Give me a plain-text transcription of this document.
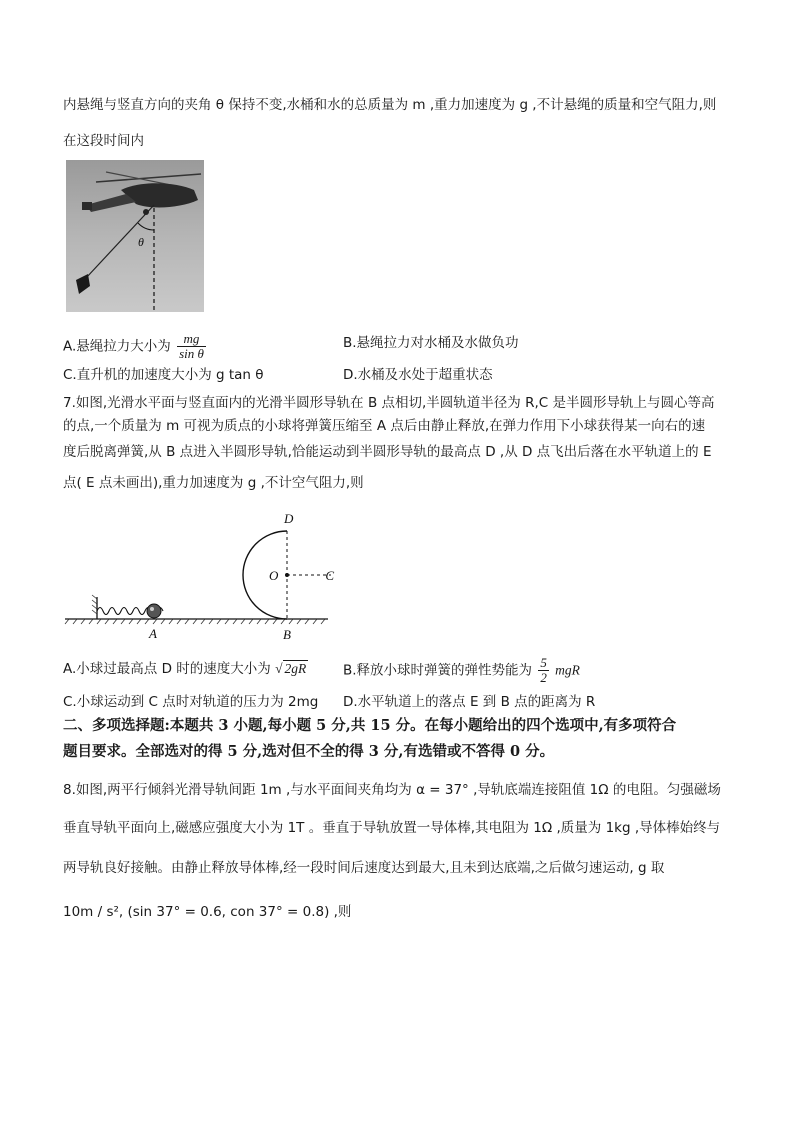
内悬绳与竖直方向的夹角 θ 保持不变,水桶和水的总质量为 m ,重力加速度为 g ,不计悬绳的质量和空气阻力,则
在这段时间内
θ
A.悬绳拉力大小为 $\frac{mg}{\text{sin θ}}$	B.悬绳拉力对水桶及水做负功
C.直升机的加速度大小为 g tan θ	D.水桶及水处于超重状态
7.如图,光滑水平面与竖直面内的光滑半圆形导轨在 B 点相切,半圆轨道半径为 R,C 是半圆形导轨上与圆心等高
的点,一个质量为 m 可视为质点的小球将弹簧压缩至 A 点后由静止释放,在弹力作用下小球获得某一向右的速
度后脱离弹簧,从 B 点进入半圆形导轨,恰能运动到半圆形导轨的最高点 D ,从 D 点飞出后落在水平轨道上的 E
点( E 点未画出),重力加速度为 g ,不计空气阻力,则
D
O	C
A	B
A.小球过最高点 D 时的速度大小为 √ 2gR	B.释放小球时弹簧的弹性势能为 $\frac{5}{2}$ mgR
C.小球运动到 C 点时对轨道的压力为 2mg D.水平轨道上的落点 E 到 B 点的距离为 R
二、多项选择题:本题共 3 小题,每小题 5 分,共 15 分。在每小题给出的四个选项中,有多项符合
题目要求。全部选对的得 5 分,选对但不全的得 3 分,有选错或不答得 0 分。
8.如图,两平行倾斜光滑导轨间距 1m ,与水平面间夹角均为 α = 37° ,导轨底端连接阻值 1Ω 的电阻。匀强磁场
垂直导轨平面向上,磁感应强度大小为 1T 。垂直于导轨放置一导体棒,其电阻为 1Ω ,质量为 1kg ,导体棒始终与
两导轨良好接触。由静止释放导体棒,经一段时间后速度达到最大,且未到达底端,之后做匀速运动, g 取
10m / s², (sin 37° = 0.6, con 37° = 0.8) ,则
